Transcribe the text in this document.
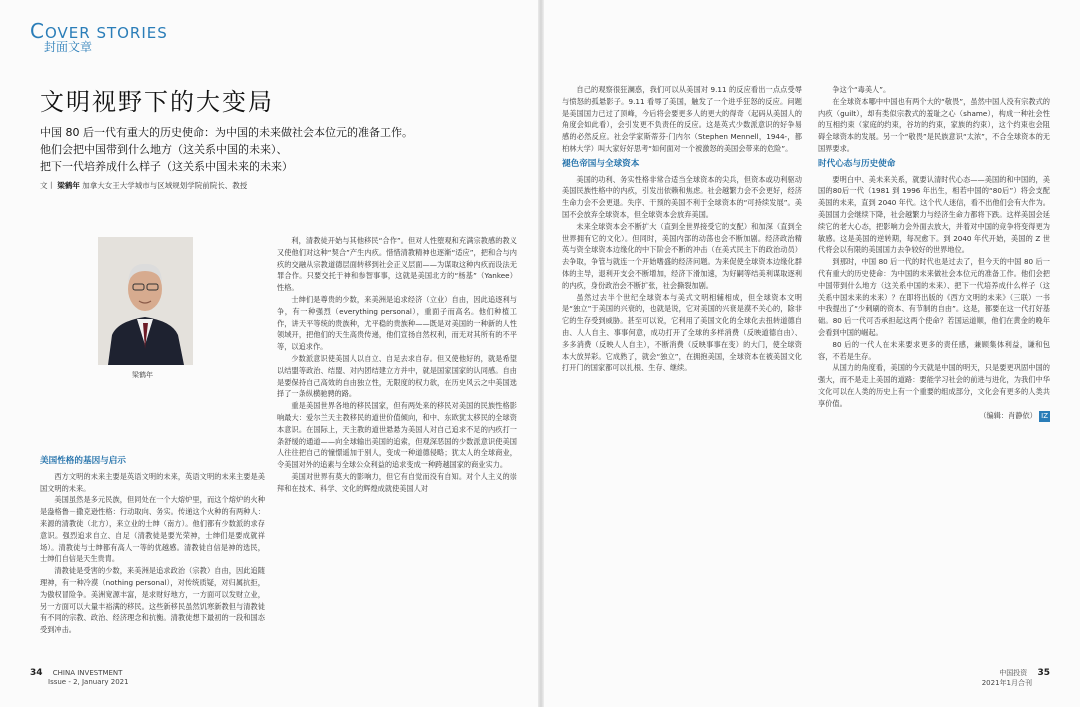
COVER STORIES
封面文章
文明视野下的大变局
中国 80 后一代有重大的历史使命：为中国的未来做社会本位元的准备工作。
他们会把中国带到什么地方（这关系中国的未来）、
把下一代培养成什么样子（这关系中国未来的未来）
文丨 梁鹤年 加拿大女王大学城市与区域规划学院前院长、教授
梁鹤年
美国性格的基因与启示

西方文明的未来主要是英语文明的未来，英语文明的未来主要是美国文明的未来。

美国虽然是多元民族，但同处在一个大熔炉里，而这个熔炉的火种是盎格鲁－撒克逊性格：行动取向、务实。传递这个火种的有两种人：来源的清教徒（北方），来立业的士绅（南方）。他们都有少数派的求存意识。强烈追求自立、自足（清教徒是要光荣神，士绅们是要成就祥场）。清教徒与士绅都有高人一等的优越感。清教徒自信是神的选民，士绅们自信是天生贵胄。

清教徒是受害的少数，来美洲是追求政治（宗教）自由，因此追随理神，有一种冷漠（nothing personal），对传统质疑，对归属抗拒，为傲权冒险争。美洲宽源丰富，是求财好地方，一方面可以发财立业，另一方面可以大量丰裕满的移民。这些新移民虽然饥寒新教但与清教徒有不同的宗教、政治、经济理念和抗衡。清教徒想下最初的一段和国态受到冲击。

利，清教徒开始与其他移民“合作”。但对人性堕观和充满宗教感的教义又使他们对这种“契合”产生内疚。惜惜清教精神也逐渐“适应”，把和合与内疚的交融从宗教道德层面转移到社会正义层面——为谋取这种内疚而设法无罪合作。只要交托于神和参智事事，这就是美国北方的“杨基”（Yankee）性格。

士绅们是尊贵的少数，来美洲是追求经济（立业）自由，因此追逐利与争，有一种强烈（everything personal），重面子而高名。他们种植工作，讲天平等统的贵族种，尤平稳的贵族种——既是对美国的一种新的人性领域开，把他们的天生高贵传递，他们宣扬自然权利，而无对其所有的不平等，以追求作。

少数派意识使美国人以自立、自足去求自存。但又使他好的，就是希望以结盟等政治、结盟、对内团结建立方并中，就是国家国家的认同感。自由是要保持自己高效的自由独立性，无限度的权力欲，在历史风云之中美国选择了一条纵横驰骋的路。

重是美国世界各地的移民国家，但有两处来的移民对美国的民族性格影响最大：爱尔兰天主教移民的道世价值倾向，和中、东欧犹太移民的全球资本意识。在国际上，天主教的道世悬悬为美国人对自己追求不足的内疚打一条舒缓的通道——向全球输出美国的追索，但观深恶国的少数派意识使美国人往往把自己的憧憬遥加于别人，变成一种道德侵略；犹太人的全球商业，令美国对外的追素与全球公众利益的追求变成一种跨越国家的商业实力。

美国对世界有莫大的影响力，但它有自觉而没有自知。对个人主义的崇拜和在技术、科学、文化的辉煌成就使美国人对

自己的观察很狂澜惑，我们可以从美国对 9.11 的反应看出一点点受辱与愤怒的孤悬影子。9.11 看辱了美国，触发了一个进乎狂怒的反应。问题是美国国力已过了顶峰，今后将会要更多人的更大的得奇（起码从美国人的角度会如此看），会引发更不负责任的反应。这是英式少数派意识的好争易感的必然反应。社会学家斯蒂芬·门内尔（Stephen Mennell，1944-，都柏林大学）叫大家好好思考“如何面对一个被激怒的美国会带来的危险”。

褪色帝国与全球资本

美国的功利、务实性格非常合适当全球资本的尖兵，但资本或功利驱动美国民族性格中的内疚，引发出依赖和焦虑。社会越繁力会不会更好，经济生命力会不会更退。失序、干预的美国不利于全球资本的“可持续发展”。美国不会放弃全球资本，但全球资本会放弃美国。

未来全球资本会不断扩大（直到全世界接受它的支配）和加深（直到全世界拥有它的文化）。但同时，美国内部的动荡也会不断加剧。经济政治精英与资全球资本边缘化的中下阶会不断的冲击（在美式民主下的政治动员）去争取，争管与就连一个开始嗜盛的经济问题。为来促使全球资本边缘化群体的主导，退利开支会不断增加，经济下滑加速，为好嗣等结美利谋取逐利的内疚，身份政治会不断扩张，社会撕裂加剧。

虽然过去半个世纪全球资本与美式文明相辅相成，但全球资本文明是“独立”于美国的兴衰的，也就是说，它对美国的兴衰是漠不关心的，除非它的生存受到威胁。甚至可以说，它利用了美国文化的全球化去扭转道德自由、人人自主、事事何意，成功打开了全球的多样消费（反映道德自由）、多多消费（反映人人自主），不断消费（反映事事在变）的大门，使全球资本大放异彩。它成熟了，就会“独立”，在拥抱美国，全球资本在被美国文化打开门的国家都可以扎根、生存、继续。

争这个“毒美人”。

在全球资本哪中中国也有两个大的“敬畏”，虽然中国人没有宗教式的内疚（guilt），却有类似宗教式的羞耻之心（shame），构成一种社会性的互相约束（家庭的约束，谷坊的约束，家族的约束），这个约束也会阻碍全球资本的发展。另一个“敬畏”是民族意识“太浓”，不合全球资本的无国界要求。

时代心态与历史使命

要明白中、美未来关系，就要认清时代心态——美国的和中国的，美国的80后一代（1981 到 1996 年出生，相若中国的“80后”）将会支配美国的未来，直到 2040 年代。这个代人迷信，看不出他们会有大作为。美国国力会继续下降，社会越繁力与经济生命力都将下跌。这样美国会延续它的老大心态，把影响力会外面去放大，并着对中国的竞争将变得更为敏感。这是美国的逆转期，每况愈下。到 2040 年代开始，美国的 Z 世代将会以有限的美国国力去争较好的世界地位。

到那时，中国 80 后一代的时代也是过去了，但今天的中国 80 后一代有重大的历史使命：为中国的未来做社会本位元的准备工作。他们会把中国带到什么地方（这关系中国的未来）、把下一代培养成什么样子（这关系中国未来的未来）？在即将出版的《西方文明的未来》（三联）一书中我提出了“少刺刷的资本、有节制的自由”。这是，都要在这一代打好基础。80 后一代可否承担起这两个使命？若国运道顺，他们在黄金的晚年会看到中国的崛起。

80 后的一代人在未来要求更多的责任感，兼顾集体利益，谦和包容，不若是生存。

从国力的角度看，美国的今天就是中国的明天，只是要更巩固中国的强大，而不是走上美国的道路：要能学习社会的前进与进化，为我们中华文化可以在人类的历史上有一个重要的组成部分，文化会有更多的人类共享价值。

（编辑：肖静依） IZ
34 CHINA INVESTMENT
Issue - 2, January 2021
中国投资 35
2021年1月合刊
